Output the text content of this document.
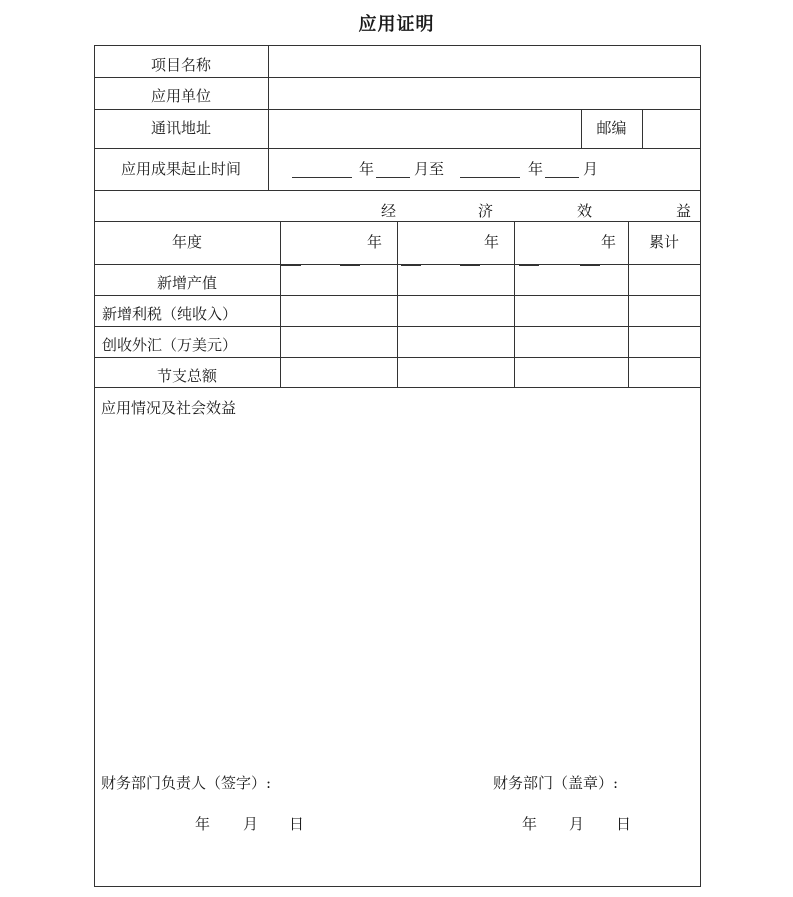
应用证明
项目名称
应用单位
通讯地址	邮编
应用成果起止时间	年	月至	年	月
经	济	效	益
年度	年	年	年	累计
新增产值
新增利税（纯收入）
创收外汇（万美元）
节支总额
应用情况及社会效益
财务部门负责人（签字）:	财务部门（盖章）:
年 月 日	年 月 日
